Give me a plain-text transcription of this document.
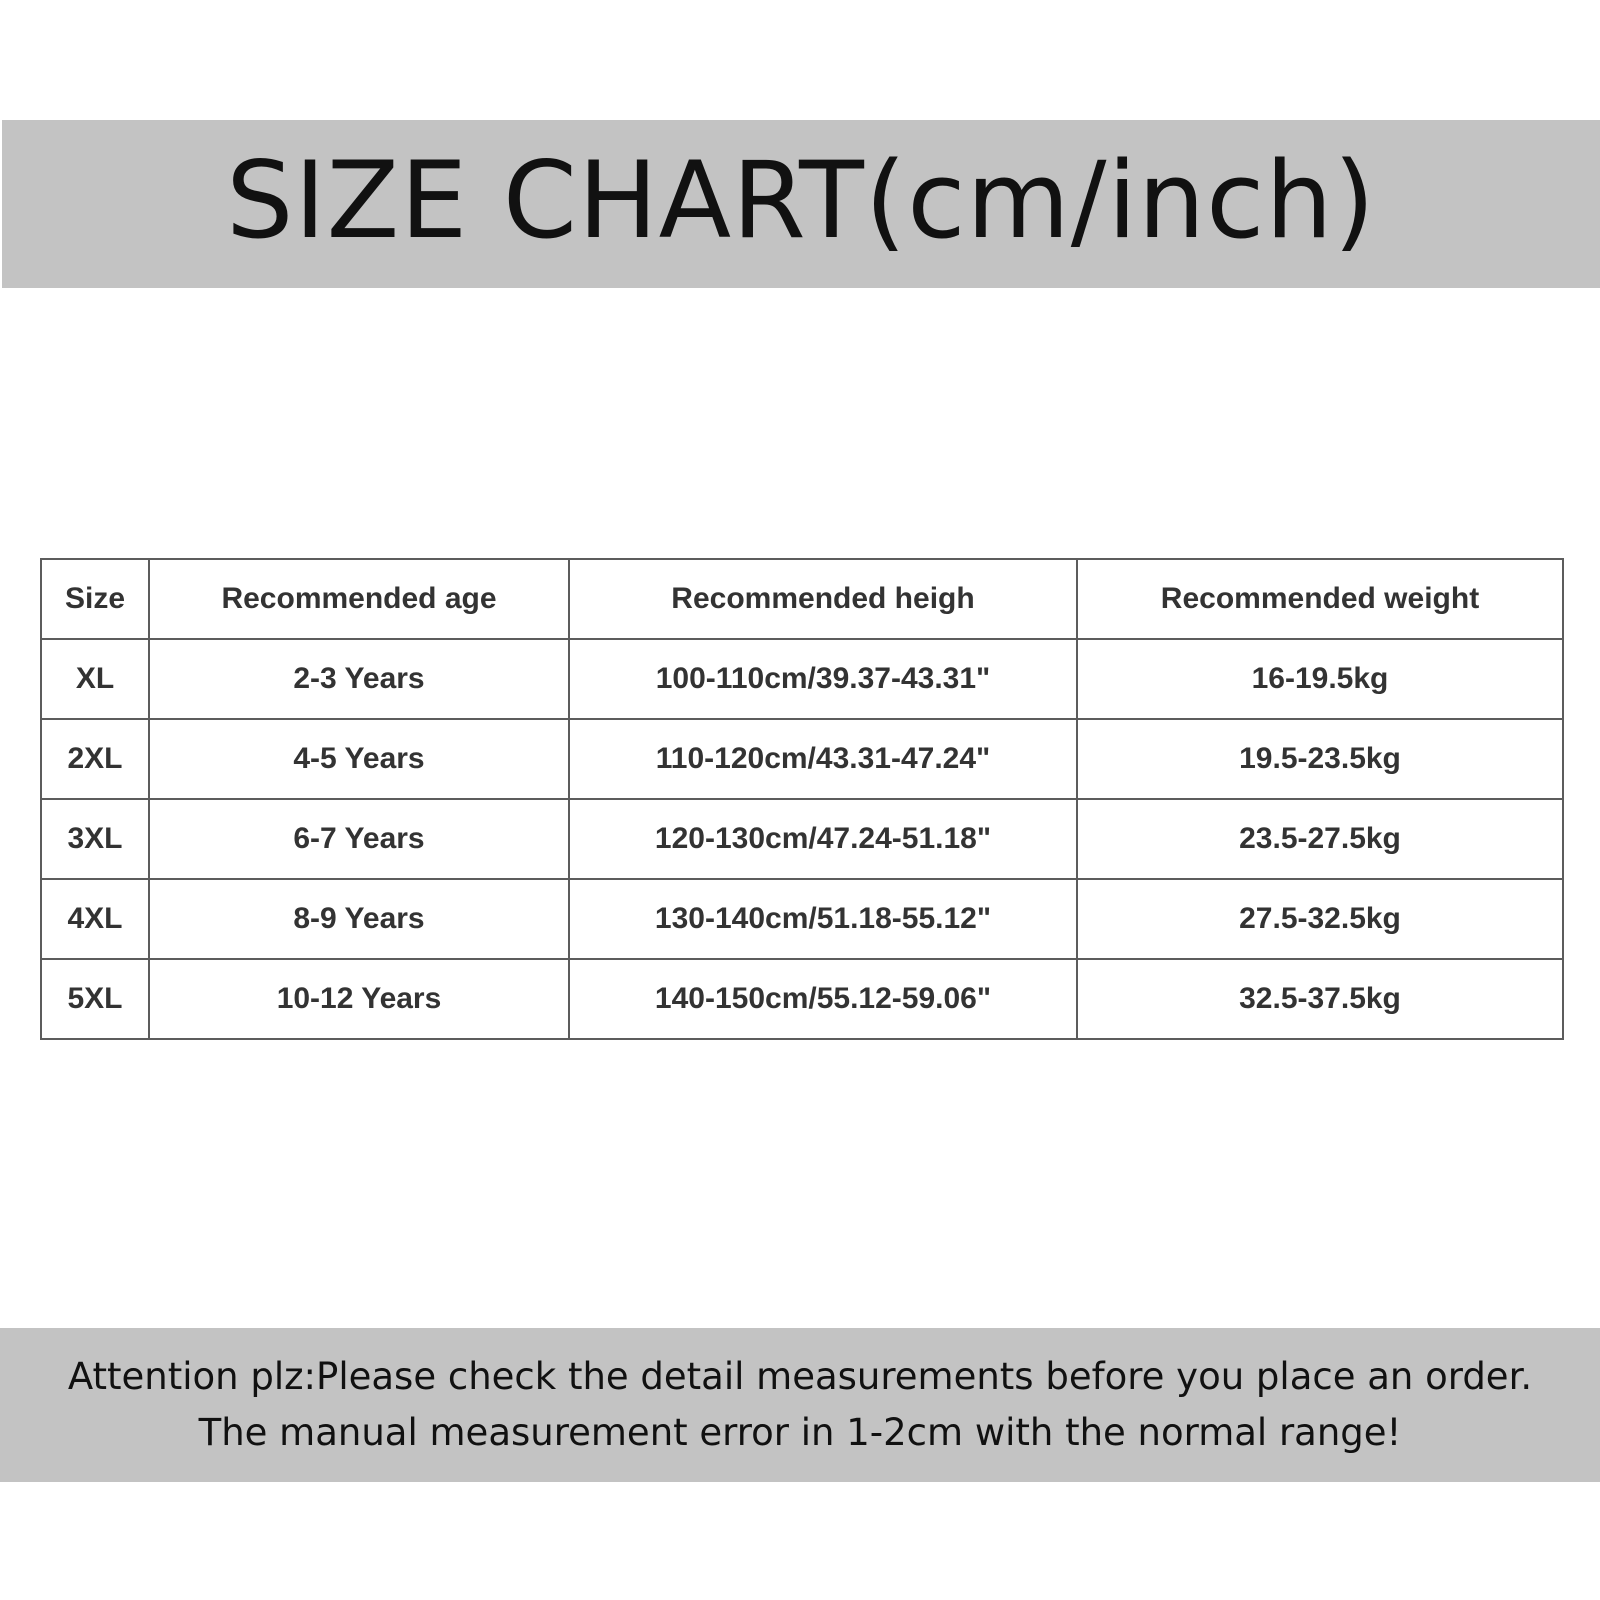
SIZE CHART(cm/inch)
Size	Recommended age	Recommended heigh	Recommended weight
XL	2-3 Years	100-110cm/39.37-43.31"	16-19.5kg
2XL	4-5 Years	110-120cm/43.31-47.24"	19.5-23.5kg
3XL	6-7 Years	120-130cm/47.24-51.18"	23.5-27.5kg
4XL	8-9 Years	130-140cm/51.18-55.12"	27.5-32.5kg
5XL	10-12 Years	140-150cm/55.12-59.06"	32.5-37.5kg
Attention plz:Please check the detail measurements before you place an order.
The manual measurement error in 1-2cm with the normal range!
